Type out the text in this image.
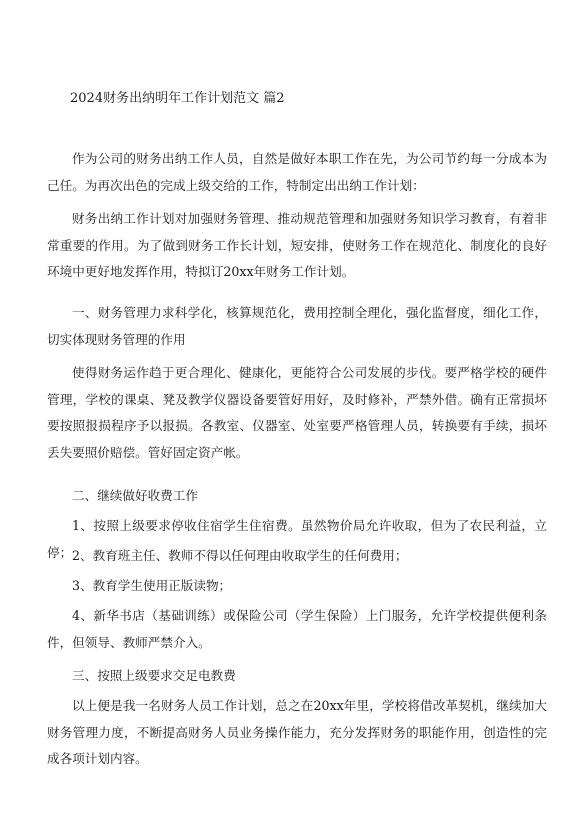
2024财务出纳明年工作计划范文 篇2

作为公司的财务出纳工作人员，自然是做好本职工作在先，为公司节约每一分成本为己任。为再次出色的完成上级交给的工作，特制定出出纳工作计划：

财务出纳工作计划对加强财务管理、推动规范管理和加强财务知识学习教育，有着非常重要的作用。为了做到财务工作长计划，短安排，使财务工作在规范化、制度化的良好环境中更好地发挥作用，特拟订20xx年财务工作计划。

一、财务管理力求科学化，核算规范化，费用控制全理化，强化监督度，细化工作，切实体现财务管理的作用

使得财务运作趋于更合理化、健康化，更能符合公司发展的步伐。要严格学校的硬件管理，学校的课桌、凳及教学仪器设备要管好用好，及时修补，严禁外借。确有正常损坏要按照报损程序予以报损。各教室、仪器室、处室要严格管理人员，转换要有手续，损坏丢失要照价赔偿。管好固定资产帐。

二、继续做好收费工作

1、按照上级要求停收住宿学生住宿费。虽然物价局允许收取，但为了农民利益，立停； 2、教育班主任、教师不得以任何理由收取学生的任何费用；

3、教育学生使用正版读物；

4、新华书店（基础训练）或保险公司（学生保险）上门服务，允许学校提供便利条件，但领导、教师严禁介入。

三、按照上级要求交足电教费

以上便是我一名财务人员工作计划，总之在20xx年里，学校将借改革契机，继续加大财务管理力度，不断提高财务人员业务操作能力，充分发挥财务的职能作用，创造性的完成各项计划内容。
